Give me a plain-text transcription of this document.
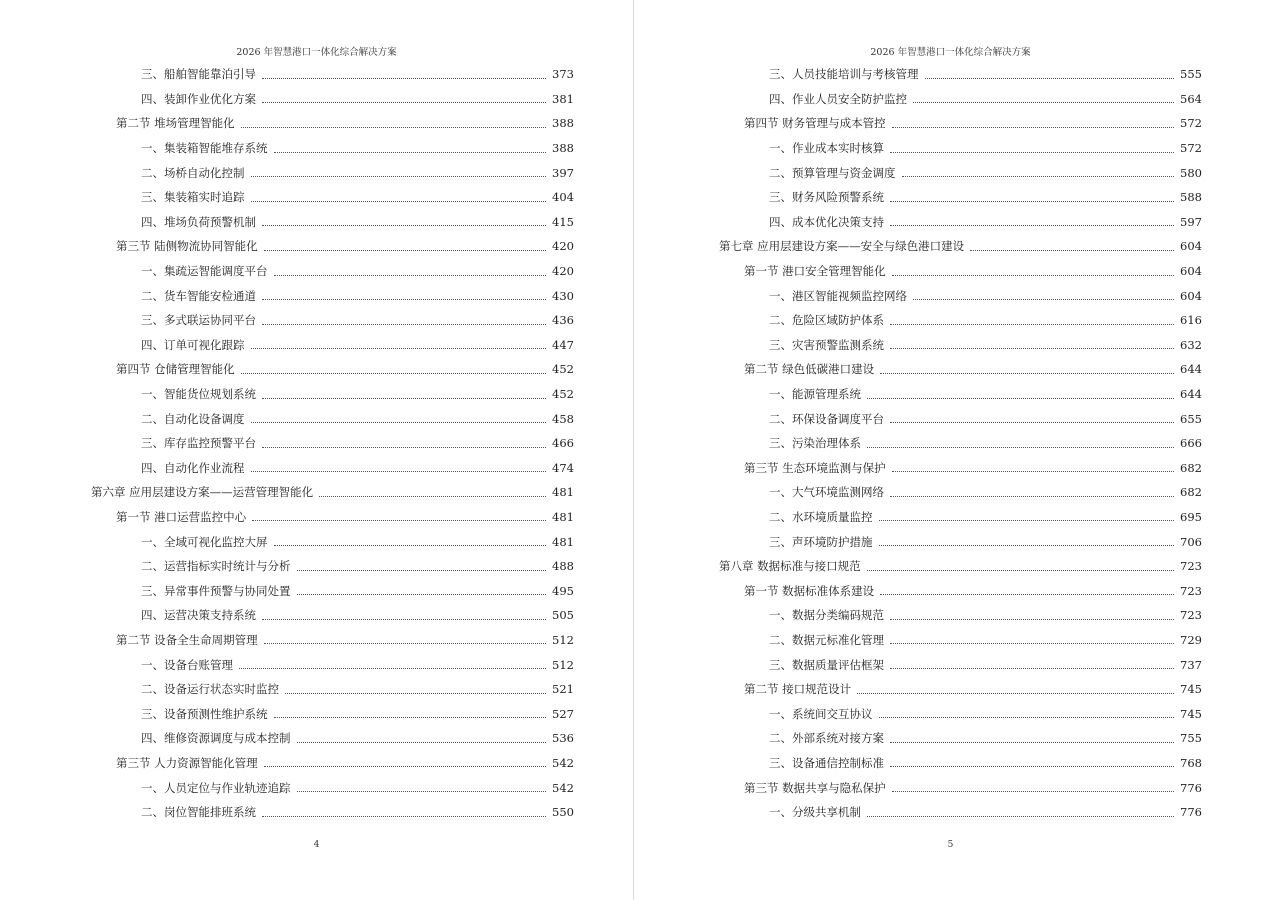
2026 年智慧港口一体化综合解决方案
三、船舶智能靠泊引导	373
四、装卸作业优化方案	381
第二节 堆场管理智能化	388
一、集装箱智能堆存系统	388
二、场桥自动化控制	397
三、集装箱实时追踪	404
四、堆场负荷预警机制	415
第三节 陆侧物流协同智能化	420
一、集疏运智能调度平台	420
二、货车智能安检通道	430
三、多式联运协同平台	436
四、订单可视化跟踪	447
第四节 仓储管理智能化	452
一、智能货位规划系统	452
二、自动化设备调度	458
三、库存监控预警平台	466
四、自动化作业流程	474
第六章 应用层建设方案——运营管理智能化	481
第一节 港口运营监控中心	481
一、全域可视化监控大屏	481
二、运营指标实时统计与分析	488
三、异常事件预警与协同处置	495
四、运营决策支持系统	505
第二节 设备全生命周期管理	512
一、设备台账管理	512
二、设备运行状态实时监控	521
三、设备预测性维护系统	527
四、维修资源调度与成本控制	536
第三节 人力资源智能化管理	542
一、人员定位与作业轨迹追踪	542
二、岗位智能排班系统	550
4
2026 年智慧港口一体化综合解决方案
三、人员技能培训与考核管理	555
四、作业人员安全防护监控	564
第四节 财务管理与成本管控	572
一、作业成本实时核算	572
二、预算管理与资金调度	580
三、财务风险预警系统	588
四、成本优化决策支持	597
第七章 应用层建设方案——安全与绿色港口建设	604
第一节 港口安全管理智能化	604
一、港区智能视频监控网络	604
二、危险区域防护体系	616
三、灾害预警监测系统	632
第二节 绿色低碳港口建设	644
一、能源管理系统	644
二、环保设备调度平台	655
三、污染治理体系	666
第三节 生态环境监测与保护	682
一、大气环境监测网络	682
二、水环境质量监控	695
三、声环境防护措施	706
第八章 数据标准与接口规范	723
第一节 数据标准体系建设	723
一、数据分类编码规范	723
二、数据元标准化管理	729
三、数据质量评估框架	737
第二节 接口规范设计	745
一、系统间交互协议	745
二、外部系统对接方案	755
三、设备通信控制标准	768
第三节 数据共享与隐私保护	776
一、分级共享机制	776
5
